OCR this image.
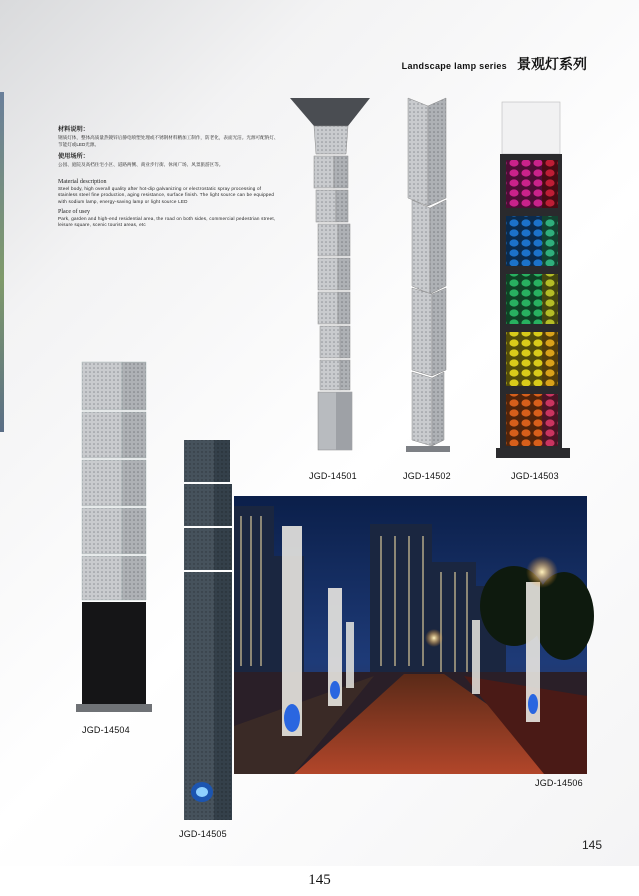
Landscape lamp series 景观灯系列
材料说明：
钢质灯体，整体高质量热镀锌后静电喷塑处理或不锈钢材料精加工制作，防老化，表面光洁。光源可配钠灯、节能灯或LED光源。
使用场所：
公园、庭院及高档住宅小区、道路两侧、商业步行街、休闲广场、风景旅游区等。
Material description
Steel body, high overall quality after hot-dip galvanizing or electrostatic spray processing of stainless steel fine production, aging resistance, surface finish. The light source can be equipped with sodium lamp, energy-saving lamp or light source LED
Place of usey
Park, garden and high-end residential area, the road on both sides, commercial pedestrian street, leisure square, scenic tourist areas, etc
JGD-14501	JGD-14502	JGD-14503
JGD-14504
JGD-14505
JGD-14506
145
145
